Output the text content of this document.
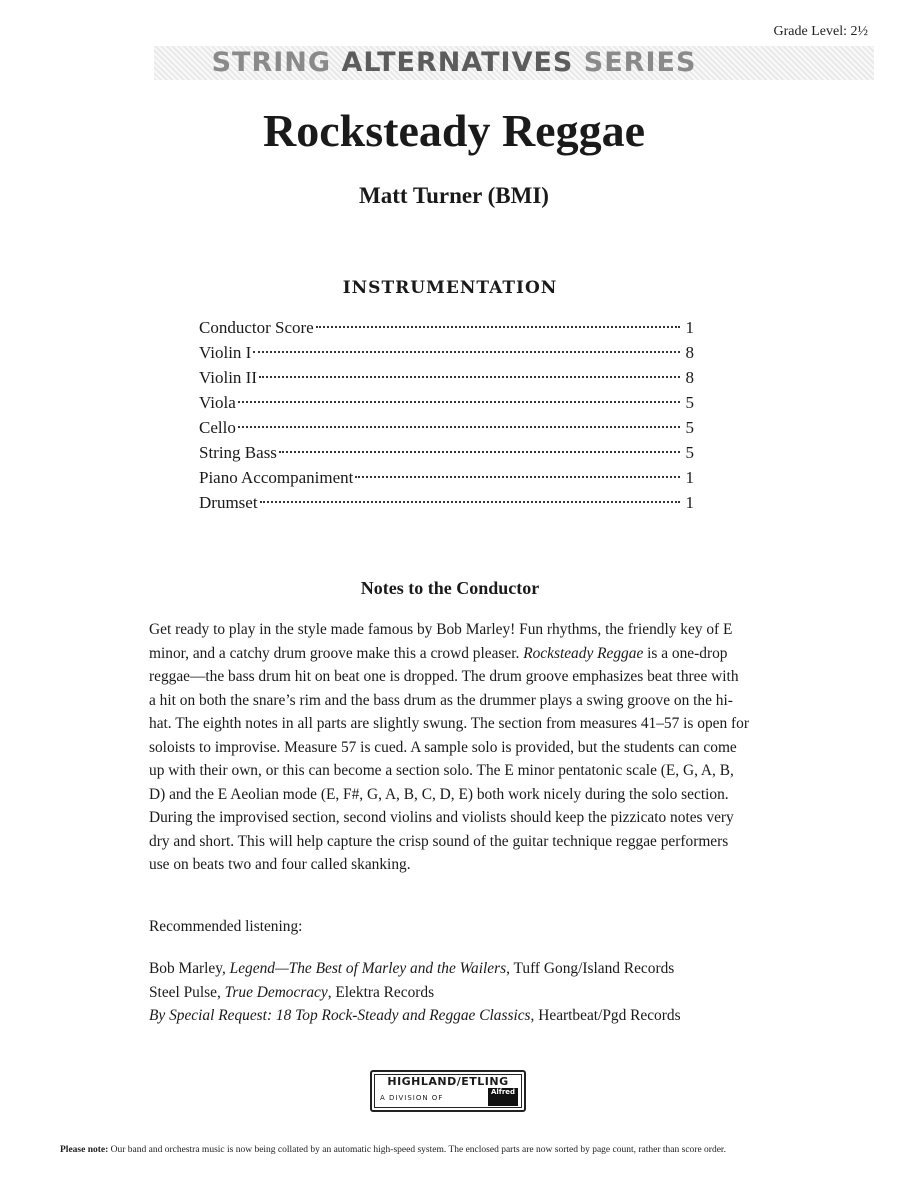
Grade Level: 2½
STRING ALTERNATIVES SERIES
Rocksteady Reggae
Matt Turner (BMI)
INSTRUMENTATION
Conductor Score	1
Violin I	8
Violin II	8
Viola	5
Cello	5
String Bass	5
Piano Accompaniment	1
Drumset	1
Notes to the Conductor

Get ready to play in the style made famous by Bob Marley! Fun rhythms, the friendly key of E minor, and a catchy drum groove make this a crowd pleaser. Rocksteady Reggae is a one-drop reggae—the bass drum hit on beat one is dropped. The drum groove emphasizes beat three with a hit on both the snare’s rim and the bass drum as the drummer plays a swing groove on the hi-hat. The eighth notes in all parts are slightly swung. The section from measures 41–57 is open for soloists to improvise. Measure 57 is cued. A sample solo is provided, but the students can come up with their own, or this can become a section solo. The E minor pentatonic scale (E, G, A, B, D) and the E Aeolian mode (E, F#, G, A, B, C, D, E) both work nicely during the solo section. During the improvised section, second violins and violists should keep the pizzicato notes very dry and short. This will help capture the crisp sound of the guitar technique reggae performers use on beats two and four called skanking.

Recommended listening:

Bob Marley, Legend—The Best of Marley and the Wailers, Tuff Gong/Island Records
Steel Pulse, True Democracy, Elektra Records
By Special Request: 18 Top Rock-Steady and Reggae Classics, Heartbeat/Pgd Records
HIGHLAND/ETLING
A DIVISION OF
Alfred
Please note: Our band and orchestra music is now being collated by an automatic high-speed system. The enclosed parts are now sorted by page count, rather than score order.
